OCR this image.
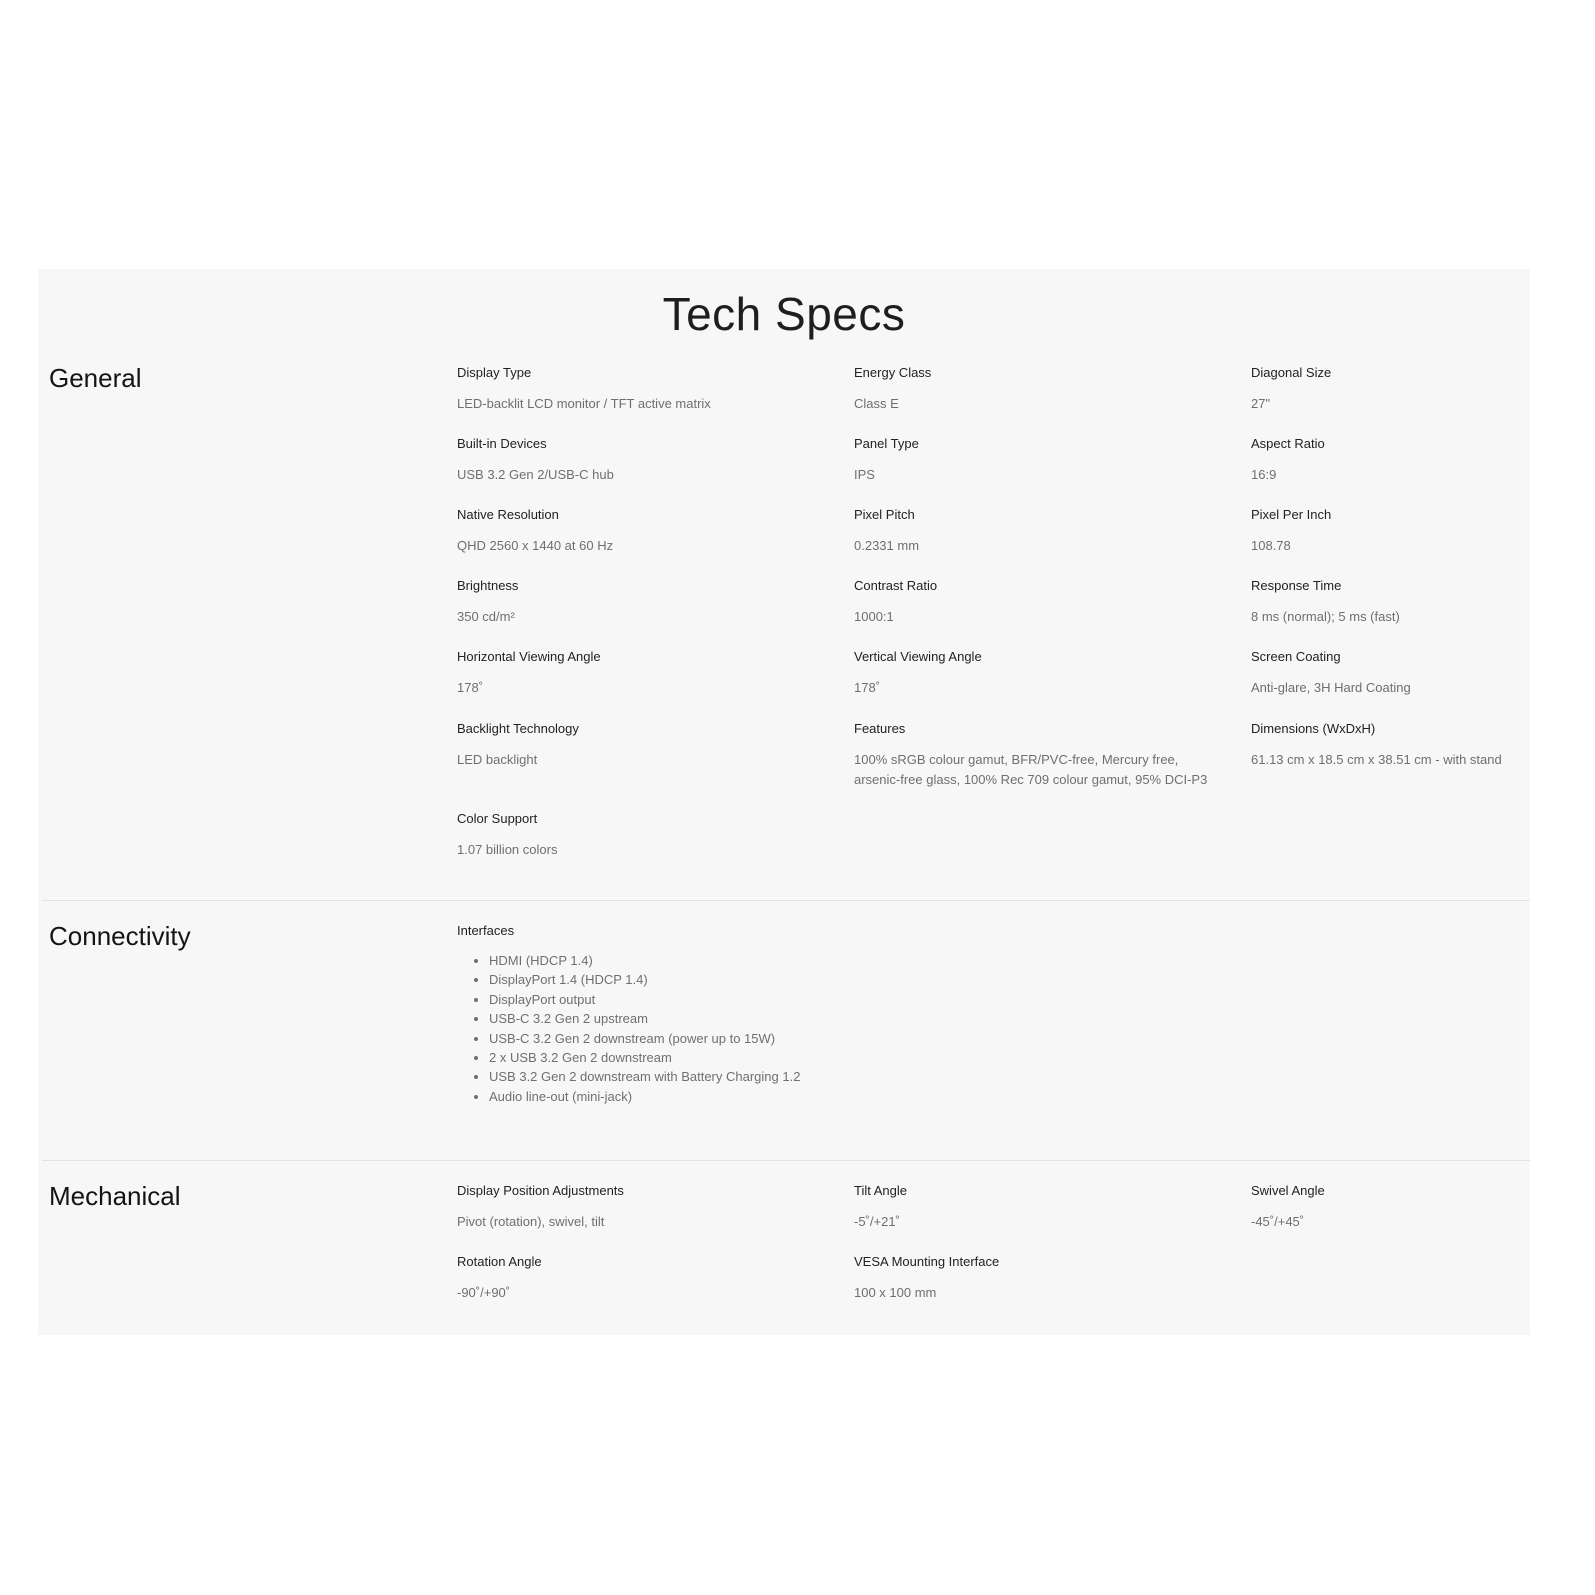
Tech Specs
General	Display Type
LED-backlit LCD monitor / TFT active matrix
Energy Class
Class E
Diagonal Size
27"
Built-in Devices
USB 3.2 Gen 2/USB-C hub
Panel Type
IPS
Aspect Ratio
16:9
Native Resolution
QHD 2560 x 1440 at 60 Hz
Pixel Pitch
0.2331 mm
Pixel Per Inch
108.78
Brightness
350 cd/m²
Contrast Ratio
1000:1
Response Time
8 ms (normal); 5 ms (fast)
Horizontal Viewing Angle
178˚
Vertical Viewing Angle
178˚
Screen Coating
Anti-glare, 3H Hard Coating
Backlight Technology
LED backlight
Features
100% sRGB colour gamut, BFR/PVC-free, Mercury free, arsenic-free glass, 100% Rec 709 colour gamut, 95% DCI-P3
Dimensions (WxDxH)
61.13 cm x 18.5 cm x 38.51 cm - with stand
Color Support
1.07 billion colors
Connectivity	Interfaces
• HDMI (HDCP 1.4)
• DisplayPort 1.4 (HDCP 1.4)
• DisplayPort output
• USB-C 3.2 Gen 2 upstream
• USB-C 3.2 Gen 2 downstream (power up to 15W)
• 2 x USB 3.2 Gen 2 downstream
• USB 3.2 Gen 2 downstream with Battery Charging 1.2
• Audio line-out (mini-jack)
Mechanical	Display Position Adjustments
Pivot (rotation), swivel, tilt
Tilt Angle
-5˚/+21˚
Swivel Angle
-45˚/+45˚
Rotation Angle
-90˚/+90˚
VESA Mounting Interface
100 x 100 mm
